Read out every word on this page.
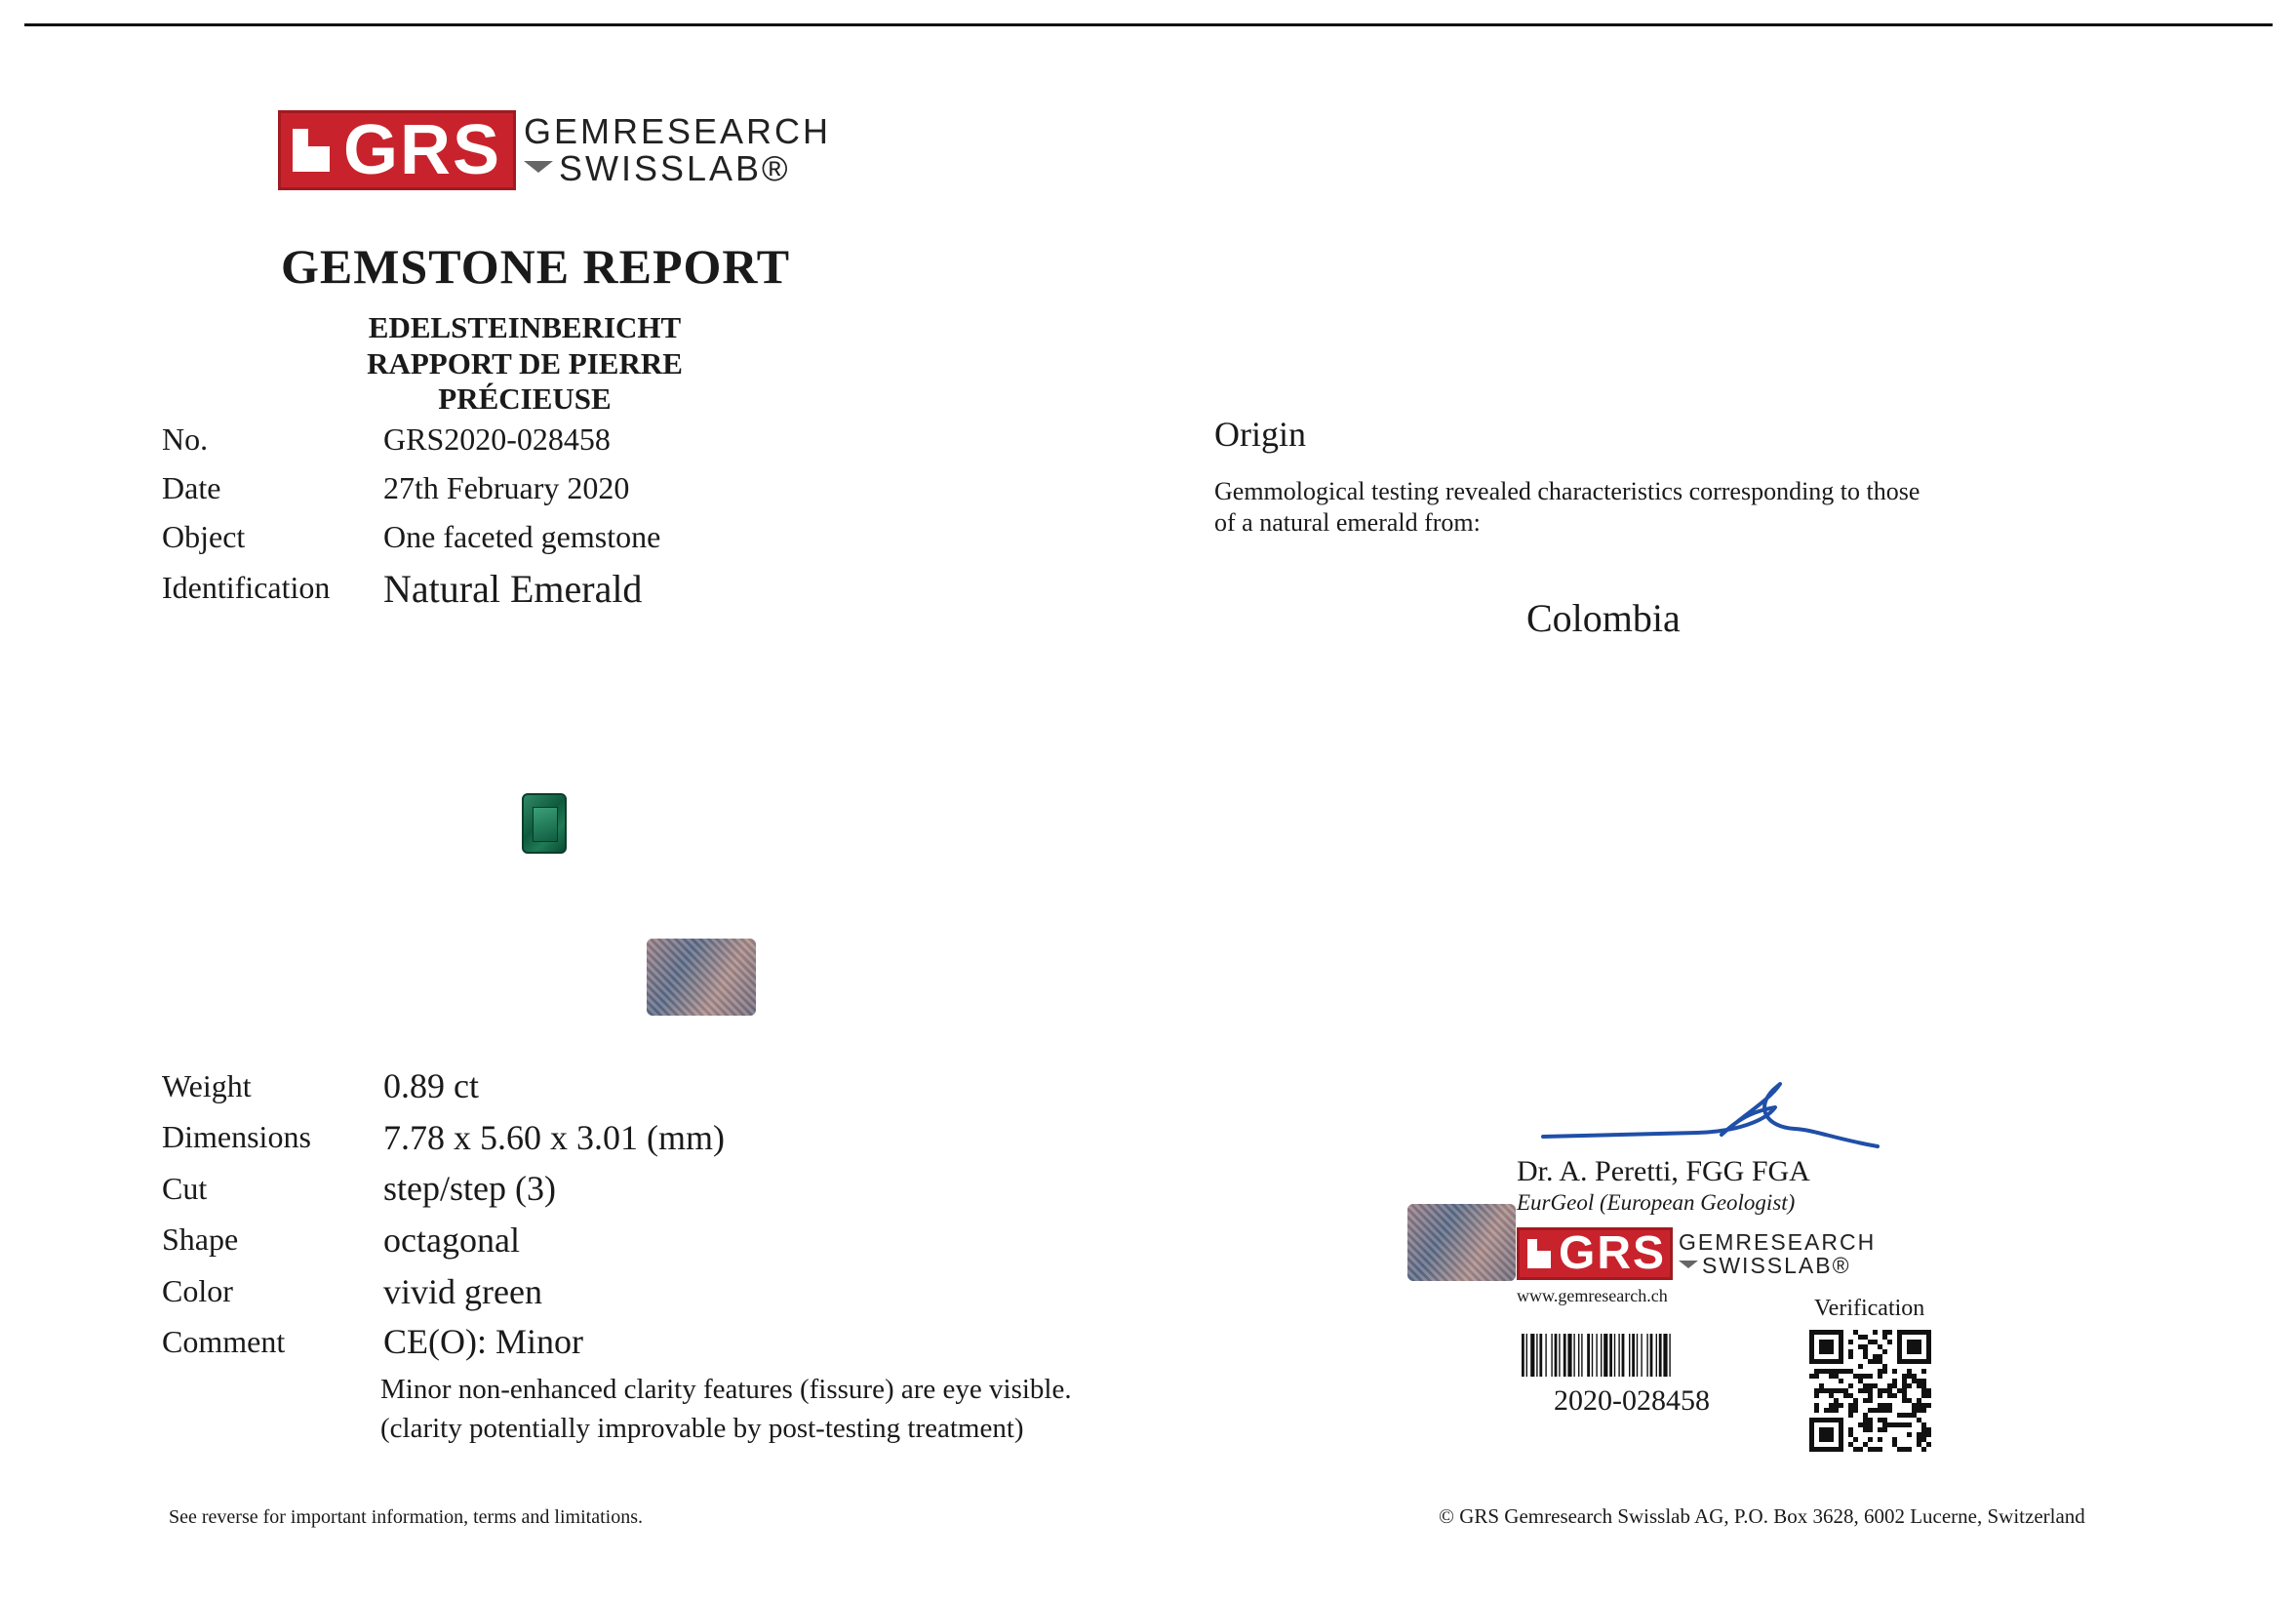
GRS GEMRESEARCH
SWISSLAB®
GEMSTONE REPORT
EDELSTEINBERICHT
RAPPORT DE PIERRE PRÉCIEUSE
No.	GRS2020-028458
Date	27th February 2020
Object	One faceted gemstone
Identification Natural Emerald
Origin
Gemmological testing revealed characteristics corresponding to those
of a natural emerald from:
Colombia
Weight	0.89 ct
Dimensions 7.78 x 5.60 x 3.01 (mm)
Cut	step/step (3)
Shape	octagonal
Color	vivid green
Comment	CE(O): Minor
Minor non-enhanced clarity features (fissure) are eye visible.
(clarity potentially improvable by post-testing treatment)
Dr. A. Peretti, FGG FGA
EurGeol (European Geologist)
GRS GEMRESEARCH
SWISSLAB®
www.gemresearch.ch
2020-028458
Verification
See reverse for important information, terms and limitations.	© GRS Gemresearch Swisslab AG, P.O. Box 3628, 6002 Lucerne, Switzerland
